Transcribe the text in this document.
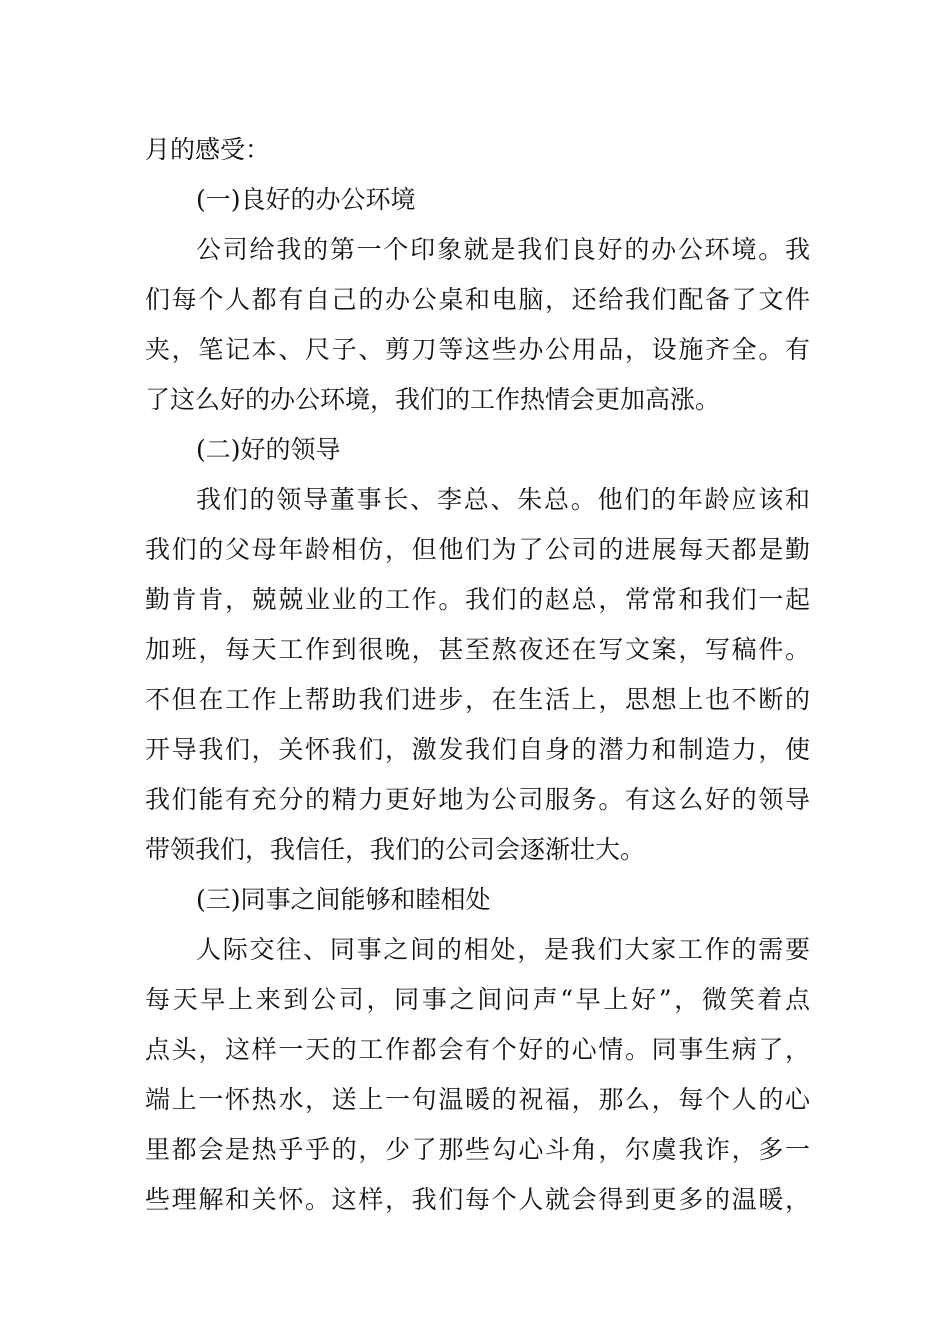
月的感受：
(一)良好的办公环境
公司给我的第一个印象就是我们良好的办公环境。我
们每个人都有自己的办公桌和电脑，还给我们配备了文件
夹，笔记本、尺子、剪刀等这些办公用品，设施齐全。有
了这么好的办公环境，我们的工作热情会更加高涨。
(二)好的领导
我们的领导董事长、李总、朱总。他们的年龄应该和
我们的父母年龄相仿，但他们为了公司的进展每天都是勤
勤肯肯，兢兢业业的工作。我们的赵总，常常和我们一起
加班，每天工作到很晚，甚至熬夜还在写文案，写稿件。
不但在工作上帮助我们进步，在生活上，思想上也不断的
开导我们，关怀我们，激发我们自身的潜力和制造力，使
我们能有充分的精力更好地为公司服务。有这么好的领导
带领我们，我信任，我们的公司会逐渐壮大。
(三)同事之间能够和睦相处
人际交往、同事之间的相处，是我们大家工作的需要
每天早上来到公司，同事之间问声“早上好”，微笑着点
点头，这样一天的工作都会有个好的心情。同事生病了，
端上一怀热水，送上一句温暖的祝福，那么，每个人的心
里都会是热乎乎的，少了那些勾心斗角，尔虞我诈，多一
些理解和关怀。这样，我们每个人就会得到更多的温暖，
